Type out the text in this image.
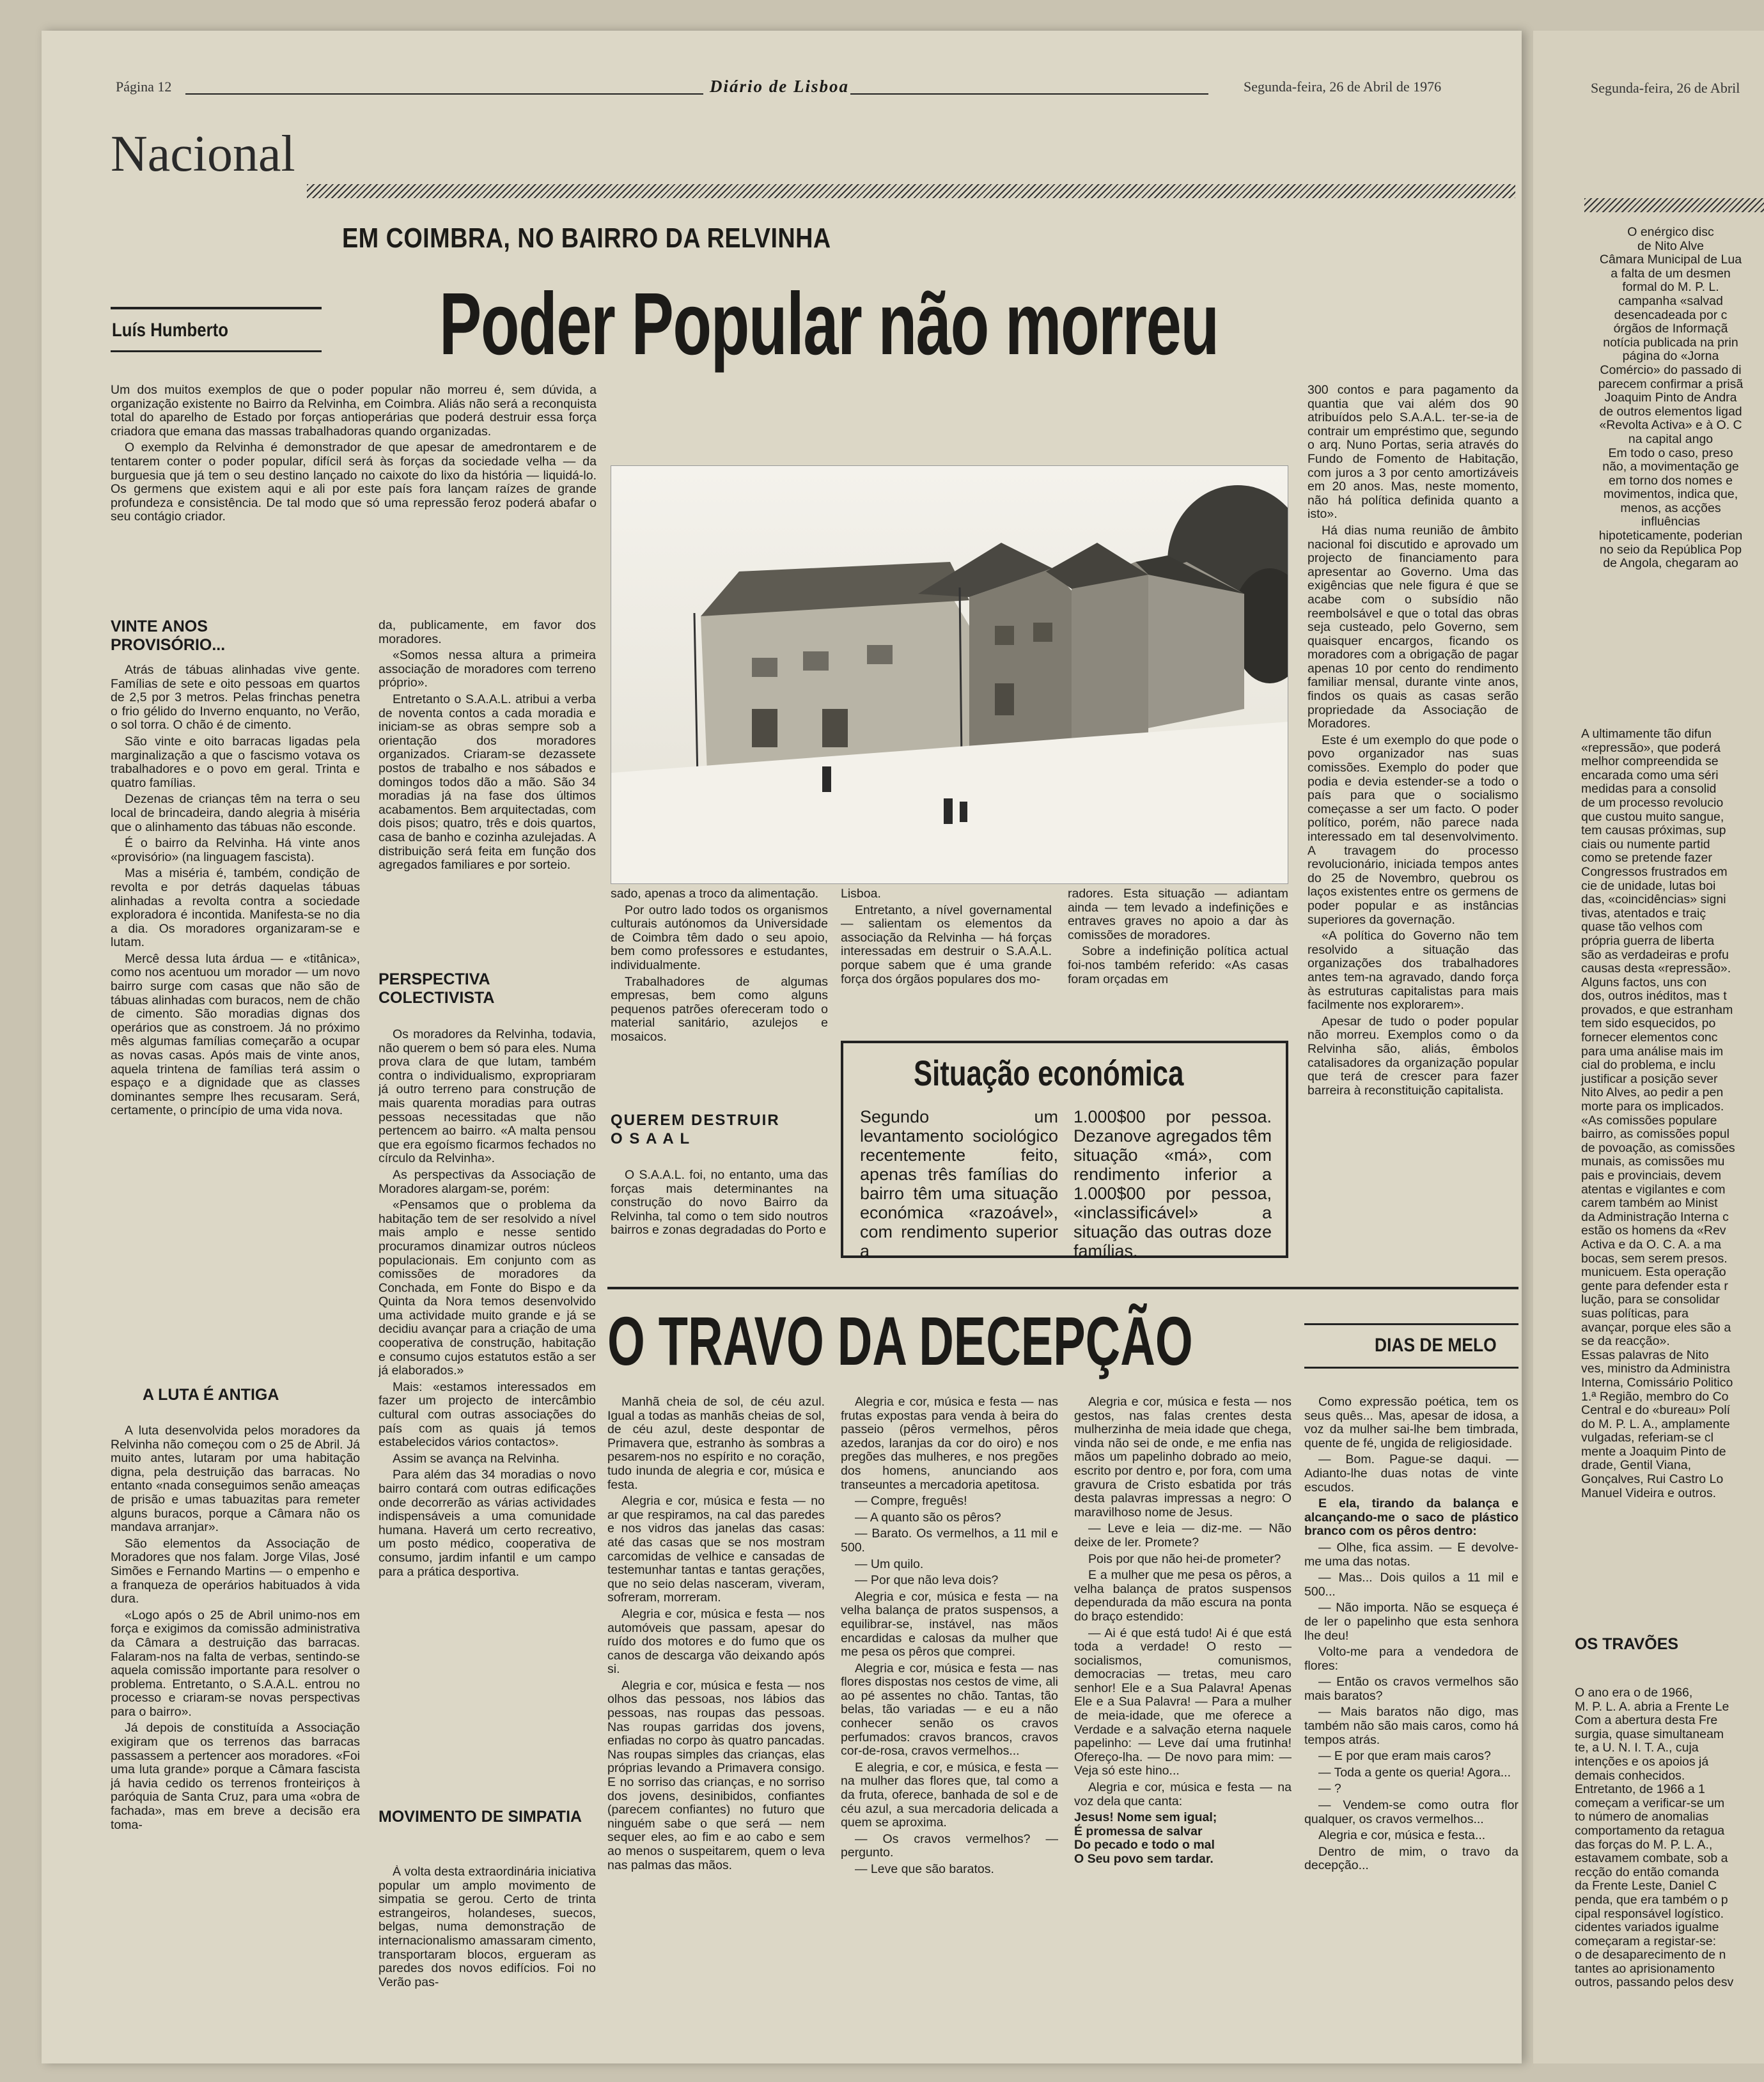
Página 12	Diário de Lisboa	Segunda-feira, 26 de Abril de 1976
Nacional
EM COIMBRA, NO BAIRRO DA RELVINHA
Luís Humberto Poder Popular não morreu

Um dos muitos exemplos de que o poder popular não morreu é, sem dúvida, a organização existente no Bairro da Relvinha, em Coimbra. Aliás não será a reconquista total do aparelho de Estado por forças antioperárias que poderá destruir essa força criadora que emana das massas trabalhadoras quando organizadas.

O exemplo da Relvinha é demonstrador de que apesar de amedrontarem e de tentarem conter o poder popular, difícil será às forças da sociedade velha — da burguesia que já tem o seu destino lançado no caixote do lixo da história — liquidá-lo. Os germens que existem aqui e ali por este país fora lançam raízes de grande profundeza e consistência. De tal modo que só uma repressão feroz poderá abafar o seu contágio criador.

VINTE ANOS PROVISÓRIO...

Atrás de tábuas alinhadas vive gente. Famílias de sete e oito pessoas em quartos de 2,5 por 3 metros. Pelas frinchas penetra o frio gélido do Inverno enquanto, no Verão, o sol torra. O chão é de cimento.

São vinte e oito barracas ligadas pela marginalização a que o fascismo votava os trabalhadores e o povo em geral. Trinta e quatro famílias.

Dezenas de crianças têm na terra o seu local de brincadeira, dando alegria à miséria que o alinhamento das tábuas não esconde.

É o bairro da Relvinha. Há vinte anos «provisório» (na linguagem fascista).

Mas a miséria é, também, condição de revolta e por detrás daquelas tábuas alinhadas a revolta contra a sociedade exploradora é incontida. Manifesta-se no dia a dia. Os moradores organizaram-se e lutam.

Mercê dessa luta árdua — e «titânica», como nos acentuou um morador — um novo bairro surge com casas que não são de tábuas alinhadas com buracos, nem de chão de cimento. São moradias dignas dos operários que as constroem. Já no próximo mês algumas famílias começarão a ocupar as novas casas. Após mais de vinte anos, aquela trintena de famílias terá assim o espaço e a dignidade que as classes dominantes sempre lhes recusaram. Será, certamente, o princípio de uma vida nova.

A LUTA É ANTIGA

A luta desenvolvida pelos moradores da Relvinha não começou com o 25 de Abril. Já muito antes, lutaram por uma habitação digna, pela destruição das barracas. No entanto «nada conseguimos senão ameaças de prisão e umas tabuazitas para remeter alguns buracos, porque a Câmara não os mandava arranjar».

São elementos da Associação de Moradores que nos falam. Jorge Vilas, José Simões e Fernando Martins — o empenho e a franqueza de operários habituados à vida dura.

«Logo após o 25 de Abril unimo-nos em força e exigimos da comissão administrativa da Câmara a destruição das barracas. Falaram-nos na falta de verbas, sentindo-se aquela comissão importante para resolver o problema. Entretanto, o S.A.A.L. entrou no processo e criaram-se novas perspectivas para o bairro».

Já depois de constituída a Associação exigiram que os terrenos das barracas passassem a pertencer aos moradores. «Foi uma luta grande» porque a Câmara fascista já havia cedido os terrenos fronteiriços à paróquia de Santa Cruz, para uma «obra de fachada», mas em breve a decisão era toma-

da, publicamente, em favor dos moradores.

«Somos nessa altura a primeira associação de moradores com terreno próprio».

Entretanto o S.A.A.L. atribui a verba de noventa contos a cada moradia e iniciam-se as obras sempre sob a orientação dos moradores organizados. Criaram-se dezassete postos de trabalho e nos sábados e domingos todos dão a mão. São 34 moradias já na fase dos últimos acabamentos. Bem arquitectadas, com dois pisos; quatro, três e dois quartos, casa de banho e cozinha azulejadas. A distribuição será feita em função dos agregados familiares e por sorteio.

PERSPECTIVA COLECTIVISTA

Os moradores da Relvinha, todavia, não querem o bem só para eles. Numa prova clara de que lutam, também contra o individualismo, expropriaram já outro terreno para construção de mais quarenta moradias para outras pessoas necessitadas que não pertencem ao bairro. «A malta pensou que era egoísmo ficarmos fechados no círculo da Relvinha».

As perspectivas da Associação de Moradores alargam-se, porém:

«Pensamos que o problema da habitação tem de ser resolvido a nível mais amplo e nesse sentido procuramos dinamizar outros núcleos populacionais. Em conjunto com as comissões de moradores da Conchada, em Fonte do Bispo e da Quinta da Nora temos desenvolvido uma actividade muito grande e já se decidiu avançar para a criação de uma cooperativa de construção, habitação e consumo cujos estatutos estão a ser já elaborados.»

Mais: «estamos interessados em fazer um projecto de intercâmbio cultural com outras associações do país com as quais já temos estabelecidos vários contactos».

Assim se avança na Relvinha.

Para além das 34 moradias o novo bairro contará com outras edificações onde decorrerão as várias actividades indispensáveis a uma comunidade humana. Haverá um certo recreativo, um posto médico, cooperativa de consumo, jardim infantil e um campo para a prática desportiva.

MOVIMENTO DE SIMPATIA

À volta desta extraordinária iniciativa popular um amplo movimento de simpatia se gerou. Certo de trinta estrangeiros, holandeses, suecos, belgas, numa demonstração de internacionalismo amassaram cimento, transportaram blocos, ergueram as paredes dos novos edifícios. Foi no Verão pas-

sado, apenas a troco da alimentação.

Por outro lado todos os organismos culturais autónomos da Universidade de Coimbra têm dado o seu apoio, bem como professores e estudantes, individualmente.

Trabalhadores de algumas empresas, bem como alguns pequenos patrões ofereceram todo o material sanitário, azulejos e mosaicos.

QUEREM DESTRUIR O S A A L

O S.A.A.L. foi, no entanto, uma das forças mais determinantes na construção do novo Bairro da Relvinha, tal como o tem sido noutros bairros e zonas degradadas do Porto e

Lisboa.

Entretanto, a nível governamental — salientam os elementos da associação da Relvinha — há forças interessadas em destruir o S.A.A.L. porque sabem que é uma grande força dos órgãos populares dos mo-

radores. Esta situação — adiantam ainda — tem levado a indefinições e entraves graves no apoio a dar às comissões de moradores.

Sobre a indefinição política actual foi-nos também referido: «As casas foram orçadas em

Situação económica
Segundo um levantamento sociológico recentemente feito, apenas três famílias do bairro têm uma situação económica «razoável», com rendimento superior a
1.000$00 por pessoa. Dezanove agregados têm situação «má», com rendimento inferior a 1.000$00 por pessoa, «inclassificável» a situação das outras doze famílias.

300 contos e para pagamento da quantia que vai além dos 90 atribuídos pelo S.A.A.L. ter-se-ia de contrair um empréstimo que, segundo o arq. Nuno Portas, seria através do Fundo de Fomento de Habitação, com juros a 3 por cento amortizáveis em 20 anos. Mas, neste momento, não há política definida quanto a isto».

Há dias numa reunião de âmbito nacional foi discutido e aprovado um projecto de financiamento para apresentar ao Governo. Uma das exigências que nele figura é que se acabe com o subsídio não reembolsável e que o total das obras seja custeado, pelo Governo, sem quaisquer encargos, ficando os moradores com a obrigação de pagar apenas 10 por cento do rendimento familiar mensal, durante vinte anos, findos os quais as casas serão propriedade da Associação de Moradores.

Este é um exemplo do que pode o povo organizador nas suas comissões. Exemplo do poder que podia e devia estender-se a todo o país para que o socialismo começasse a ser um facto. O poder político, porém, não parece nada interessado em tal desenvolvimento. A travagem do processo revolucionário, iniciada tempos antes do 25 de Novembro, quebrou os laços existentes entre os germens de poder popular e as instâncias superiores da governação.

«A política do Governo não tem resolvido a situação das organizações dos trabalhadores antes tem-na agravado, dando força às estruturas capitalistas para mais facilmente nos explorarem».

Apesar de tudo o poder popular não morreu. Exemplos como o da Relvinha são, aliás, êmbolos catalisadores da organização popular que terá de crescer para fazer barreira à reconstituição capitalista.

O TRAVO DA DECEPÇÃO	DIAS DE MELO

Manhã cheia de sol, de céu azul. Igual a todas as manhãs cheias de sol, de céu azul, deste despontar de Primavera que, estranho às sombras a pesarem-nos no espírito e no coração, tudo inunda de alegria e cor, música e festa.

Alegria e cor, música e festa — no ar que respiramos, na cal das paredes e nos vidros das janelas das casas: até das casas que se nos mostram carcomidas de velhice e cansadas de testemunhar tantas e tantas gerações, que no seio delas nasceram, viveram, sofreram, morreram.

Alegria e cor, música e festa — nos automóveis que passam, apesar do ruído dos motores e do fumo que os canos de descarga vão deixando após si.

Alegria e cor, música e festa — nos olhos das pessoas, nos lábios das pessoas, nas roupas das pessoas. Nas roupas garridas dos jovens, enfiadas no corpo às quatro pancadas. Nas roupas simples das crianças, elas próprias levando a Primavera consigo. E no sorriso das crianças, e no sorriso dos jovens, desinibidos, confiantes (parecem confiantes) no futuro que ninguém sabe o que será — nem sequer eles, ao fim e ao cabo e sem ao menos o suspeitarem, quem o leva nas palmas das mãos.

Alegria e cor, música e festa — nas frutas expostas para venda à beira do passeio (pêros vermelhos, pêros azedos, laranjas da cor do oiro) e nos pregões das mulheres, e nos pregões dos homens, anunciando aos transeuntes a mercadoria apetitosa.

— Compre, freguês!

— A quanto são os pêros?

— Barato. Os vermelhos, a 11 mil e 500.

— Um quilo.

— Por que não leva dois?

Alegria e cor, música e festa — na velha balança de pratos suspensos, a equilibrar-se, instável, nas mãos encardidas e calosas da mulher que me pesa os pêros que comprei.

Alegria e cor, música e festa — nas flores dispostas nos cestos de vime, ali ao pé assentes no chão. Tantas, tão belas, tão variadas — e eu a não conhecer senão os cravos perfumados: cravos brancos, cravos cor-de-rosa, cravos vermelhos...

E alegria, e cor, e música, e festa — na mulher das flores que, tal como a da fruta, oferece, banhada de sol e de céu azul, a sua mercadoria delicada a quem se aproxima.

— Os cravos vermelhos? — pergunto.

— Leve que são baratos.

Alegria e cor, música e festa — nos gestos, nas falas crentes desta mulherzinha de meia idade que chega, vinda não sei de onde, e me enfia nas mãos um papelinho dobrado ao meio, escrito por dentro e, por fora, com uma gravura de Cristo esbatida por trás desta palavras impressas a negro: O maravilhoso nome de Jesus.

— Leve e leia — diz-me. — Não deixe de ler. Promete?

Pois por que não hei-de prometer?

E a mulher que me pesa os pêros, a velha balança de pratos suspensos dependurada da mão escura na ponta do braço estendido:

— Ai é que está tudo! Ai é que está toda a verdade! O resto — socialismos, comunismos, democracias — tretas, meu caro senhor! Ele e a Sua Palavra! Apenas Ele e a Sua Palavra! — Para a mulher de meia-idade, que me oferece a Verdade e a salvação eterna naquele papelinho: — Leve daí uma frutinha! Ofereço-lha. — De novo para mim: — Veja só este hino...

Alegria e cor, música e festa — na voz dela que canta:

Jesus! Nome sem igual;

É promessa de salvar

Do pecado e todo o mal

O Seu povo sem tardar.

Como expressão poética, tem os seus quês... Mas, apesar de idosa, a voz da mulher sai-lhe bem timbrada, quente de fé, ungida de religiosidade.

— Bom. Pague-se daqui. — Adianto-lhe duas notas de vinte escudos.

E ela, tirando da balança e alcançando-me o saco de plástico branco com os pêros dentro:

— Olhe, fica assim. — E devolve-me uma das notas.

— Mas... Dois quilos a 11 mil e 500...

— Não importa. Não se esqueça é de ler o papelinho que esta senhora lhe deu!

Volto-me para a vendedora de flores:

— Então os cravos vermelhos são mais baratos?

— Mais baratos não digo, mas também não são mais caros, como há tempos atrás.

— E por que eram mais caros?

— Toda a gente os queria! Agora...

— ?

— Vendem-se como outra flor qualquer, os cravos vermelhos...

Alegria e cor, música e festa...

Dentro de mim, o travo da decepção...

Segunda-feira, 26 de Abril
O enérgico disc
de Nito Alve
Câmara Municipal de Lua
a falta de um desmen
formal do M. P. L.
campanha «salvad
desencadeada por c
órgãos de Informaçã
notícia publicada na prin
página do «Jorna
Comércio» do passado di
parecem confirmar a prisã
Joaquim Pinto de Andra
de outros elementos ligad
«Revolta Activa» e à O. C
na capital ango
Em todo o caso, preso
não, a movimentação ge
em torno dos nomes e
movimentos, indica que,
menos, as acções
influências
hipoteticamente, poderian
no seio da República Pop
de Angola, chegaram ao
A ultimamente tão difun
«repressão», que poderá
melhor compreendida se
encarada como uma séri
medidas para a consolid
de um processo revolucio
que custou muito sangue,
tem causas próximas, sup
ciais ou numente partid
como se pretende fazer
Congressos frustrados em
cie de unidade, lutas boi
das, «coincidências» signi
tivas, atentados e traiç
quase tão velhos com
própria guerra de liberta
são as verdadeiras e profu
causas desta «repressão».
Alguns factos, uns con
dos, outros inéditos, mas t
provados, e que estranham
tem sido esquecidos, po
fornecer elementos conc
para uma análise mais im
cial do problema, e inclu
justificar a posição sever
Nito Alves, ao pedir a pen
morte para os implicados.
«As comissões populare
bairro, as comissões popul
de povoação, as comissões
munais, as comissões mu
pais e provinciais, devem
atentas e vigilantes e com
carem também ao Minist
da Administração Interna c
estão os homens da «Rev
Activa e da O. C. A. a ma
bocas, sem serem presos.
municuem. Esta operação
gente para defender esta r
lução, para se consolidar
suas políticas, para
avançar, porque eles são a
se da reacção».
Essas palavras de Nito
ves, ministro da Administra
Interna, Comissário Politico
1.ª Região, membro do Co
Central e do «bureau» Polí
do M. P. L. A., amplamente
vulgadas, referiam-se cl
mente a Joaquim Pinto de
drade, Gentil Viana,
Gonçalves, Rui Castro Lo
Manuel Videira e outros.
OS TRAVÕES
O ano era o de 1966,
M. P. L. A. abria a Frente Le
Com a abertura desta Fre
surgia, quase simultaneam
te, a U. N. I. T. A., cuja
intenções e os apoios já
demais conhecidos.
Entretanto, de 1966 a 1
começam a verificar-se um
to número de anomalias
comportamento da retagua
das forças do M. P. L. A.,
estavamem combate, sob a
recção do então comanda
da Frente Leste, Daniel C
penda, que era também o p
cipal responsável logístico.
cidentes variados igualme
começaram a registar-se:
o de desaparecimento de n
tantes ao aprisionamento
outros, passando pelos desv
